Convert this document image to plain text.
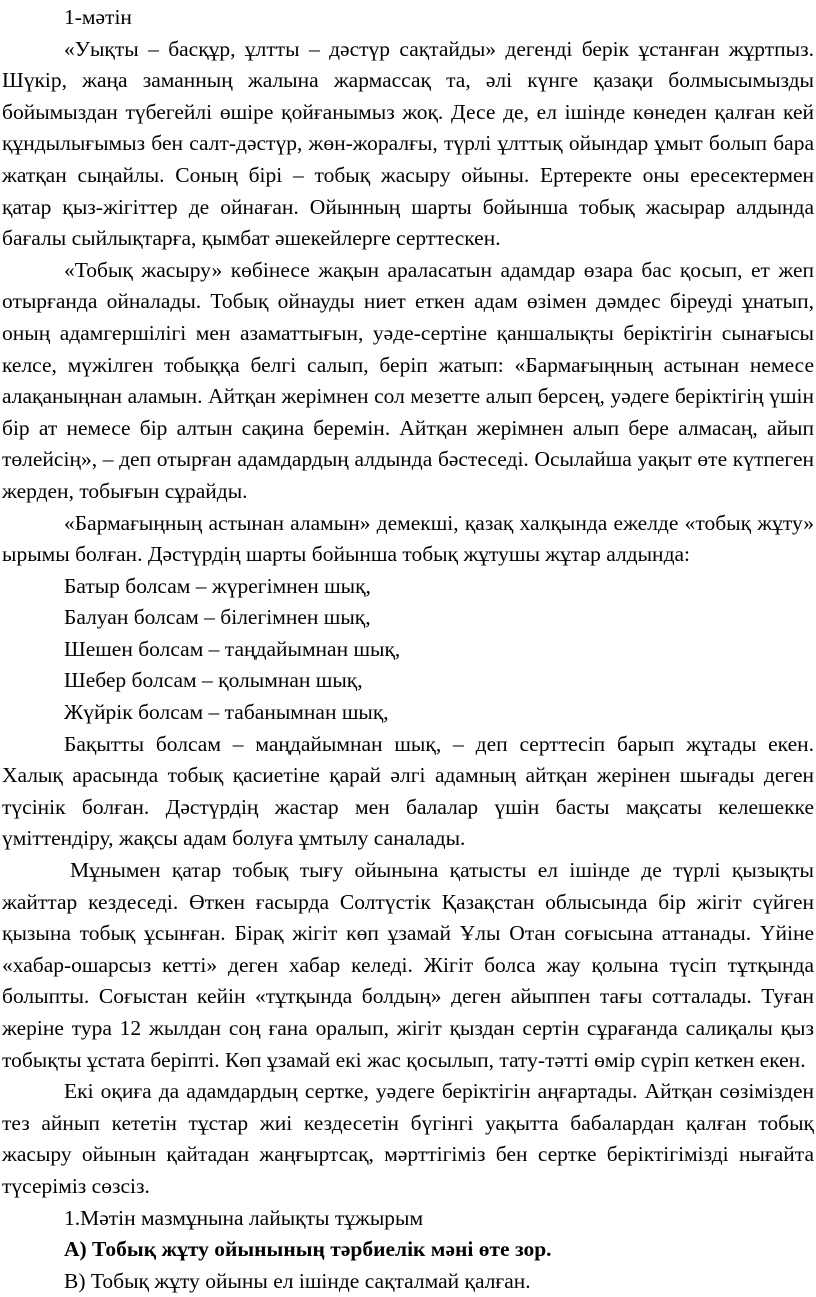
1-мәтін

«Уықты – басқұр, ұлтты – дәстүр сақтайды» дегенді берік ұстанған жұртпыз. Шүкір, жаңа заманның жалына жармассақ та, әлі күнге қазақи болмысымызды бойымыздан түбегейлі өшіре қойғанымыз жоқ. Десе де, ел ішінде көнеден қалған кей құндылығымыз бен салт-дәстүр, жөн-жоралғы, түрлі ұлттық ойындар ұмыт болып бара жатқан сыңайлы. Соның бірі – тобық жасыру ойыны. Ертеректе оны ересектермен қатар қыз-жігіттер де ойнаған. Ойынның шарты бойынша тобық жасырар алдында бағалы сыйлықтарға, қымбат әшекейлерге серттескен.

«Тобық жасыру» көбінесе жақын араласатын адамдар өзара бас қосып, ет жеп отырғанда ойналады. Тобық ойнауды ниет еткен адам өзімен дәмдес біреуді ұнатып, оның адамгершілігі мен азаматтығын, уәде-сертіне қаншалықты беріктігін сынағысы келсе, мүжілген тобыққа белгі салып, беріп жатып: «Бармағыңның астынан немесе алақаныңнан аламын. Айтқан жерімнен сол мезетте алып берсең, уәдеге беріктігің үшін бір ат немесе бір алтын сақина беремін. Айтқан жерімнен алып бере алмасаң, айып төлейсің», – деп отырған адамдардың алдында бәстеседі. Осылайша уақыт өте күтпеген жерден, тобығын сұрайды.

«Бармағыңның астынан аламын» демекші, қазақ халқында ежелде «тобық жұту» ырымы болған. Дәстүрдің шарты бойынша тобық жұтушы жұтар алдында:

Батыр болсам – жүрегімнен шық,

Балуан болсам – білегімнен шық,

Шешен болсам – таңдайымнан шық,

Шебер болсам – қолымнан шық,

Жүйрік болсам – табанымнан шық,

Бақытты болсам – маңдайымнан шық, – деп серттесіп барып жұтады екен. Халық арасында тобық қасиетіне қарай әлгі адамның айтқан жерінен шығады деген түсінік болған. Дәстүрдің жастар мен балалар үшін басты мақсаты келешекке үміттендіру, жақсы адам болуға ұмтылу саналады.

Мұнымен қатар тобық тығу ойынына қатысты ел ішінде де түрлі қызықты жайттар кездеседі. Өткен ғасырда Солтүстік Қазақстан облысында бір жігіт сүйген қызына тобық ұсынған. Бірақ жігіт көп ұзамай Ұлы Отан соғысына аттанады. Үйіне «хабар-ошарсыз кетті» деген хабар келеді. Жігіт болса жау қолына түсіп тұтқында болыпты. Соғыстан кейін «тұтқында болдың» деген айыппен тағы сотталады. Туған жеріне тура 12 жылдан соң ғана оралып, жігіт қыздан сертін сұрағанда салиқалы қыз тобықты ұстата беріпті. Көп ұзамай екі жас қосылып, тату-тәтті өмір сүріп кеткен екен.

Екі оқиға да адамдардың сертке, уәдеге беріктігін аңғартады. Айтқан сөзімізден тез айнып кететін тұстар жиі кездесетін бүгінгі уақытта бабалардан қалған тобық жасыру ойынын қайтадан жаңғыртсақ, мәрттігіміз бен сертке беріктігімізді нығайта түсеріміз сөзсіз.

1.Мәтін мазмұнына лайықты тұжырым

A) Тобық жұту ойынының тәрбиелік мәні өте зор.

B) Тобық жұту ойыны ел ішінде сақталмай қалған.
